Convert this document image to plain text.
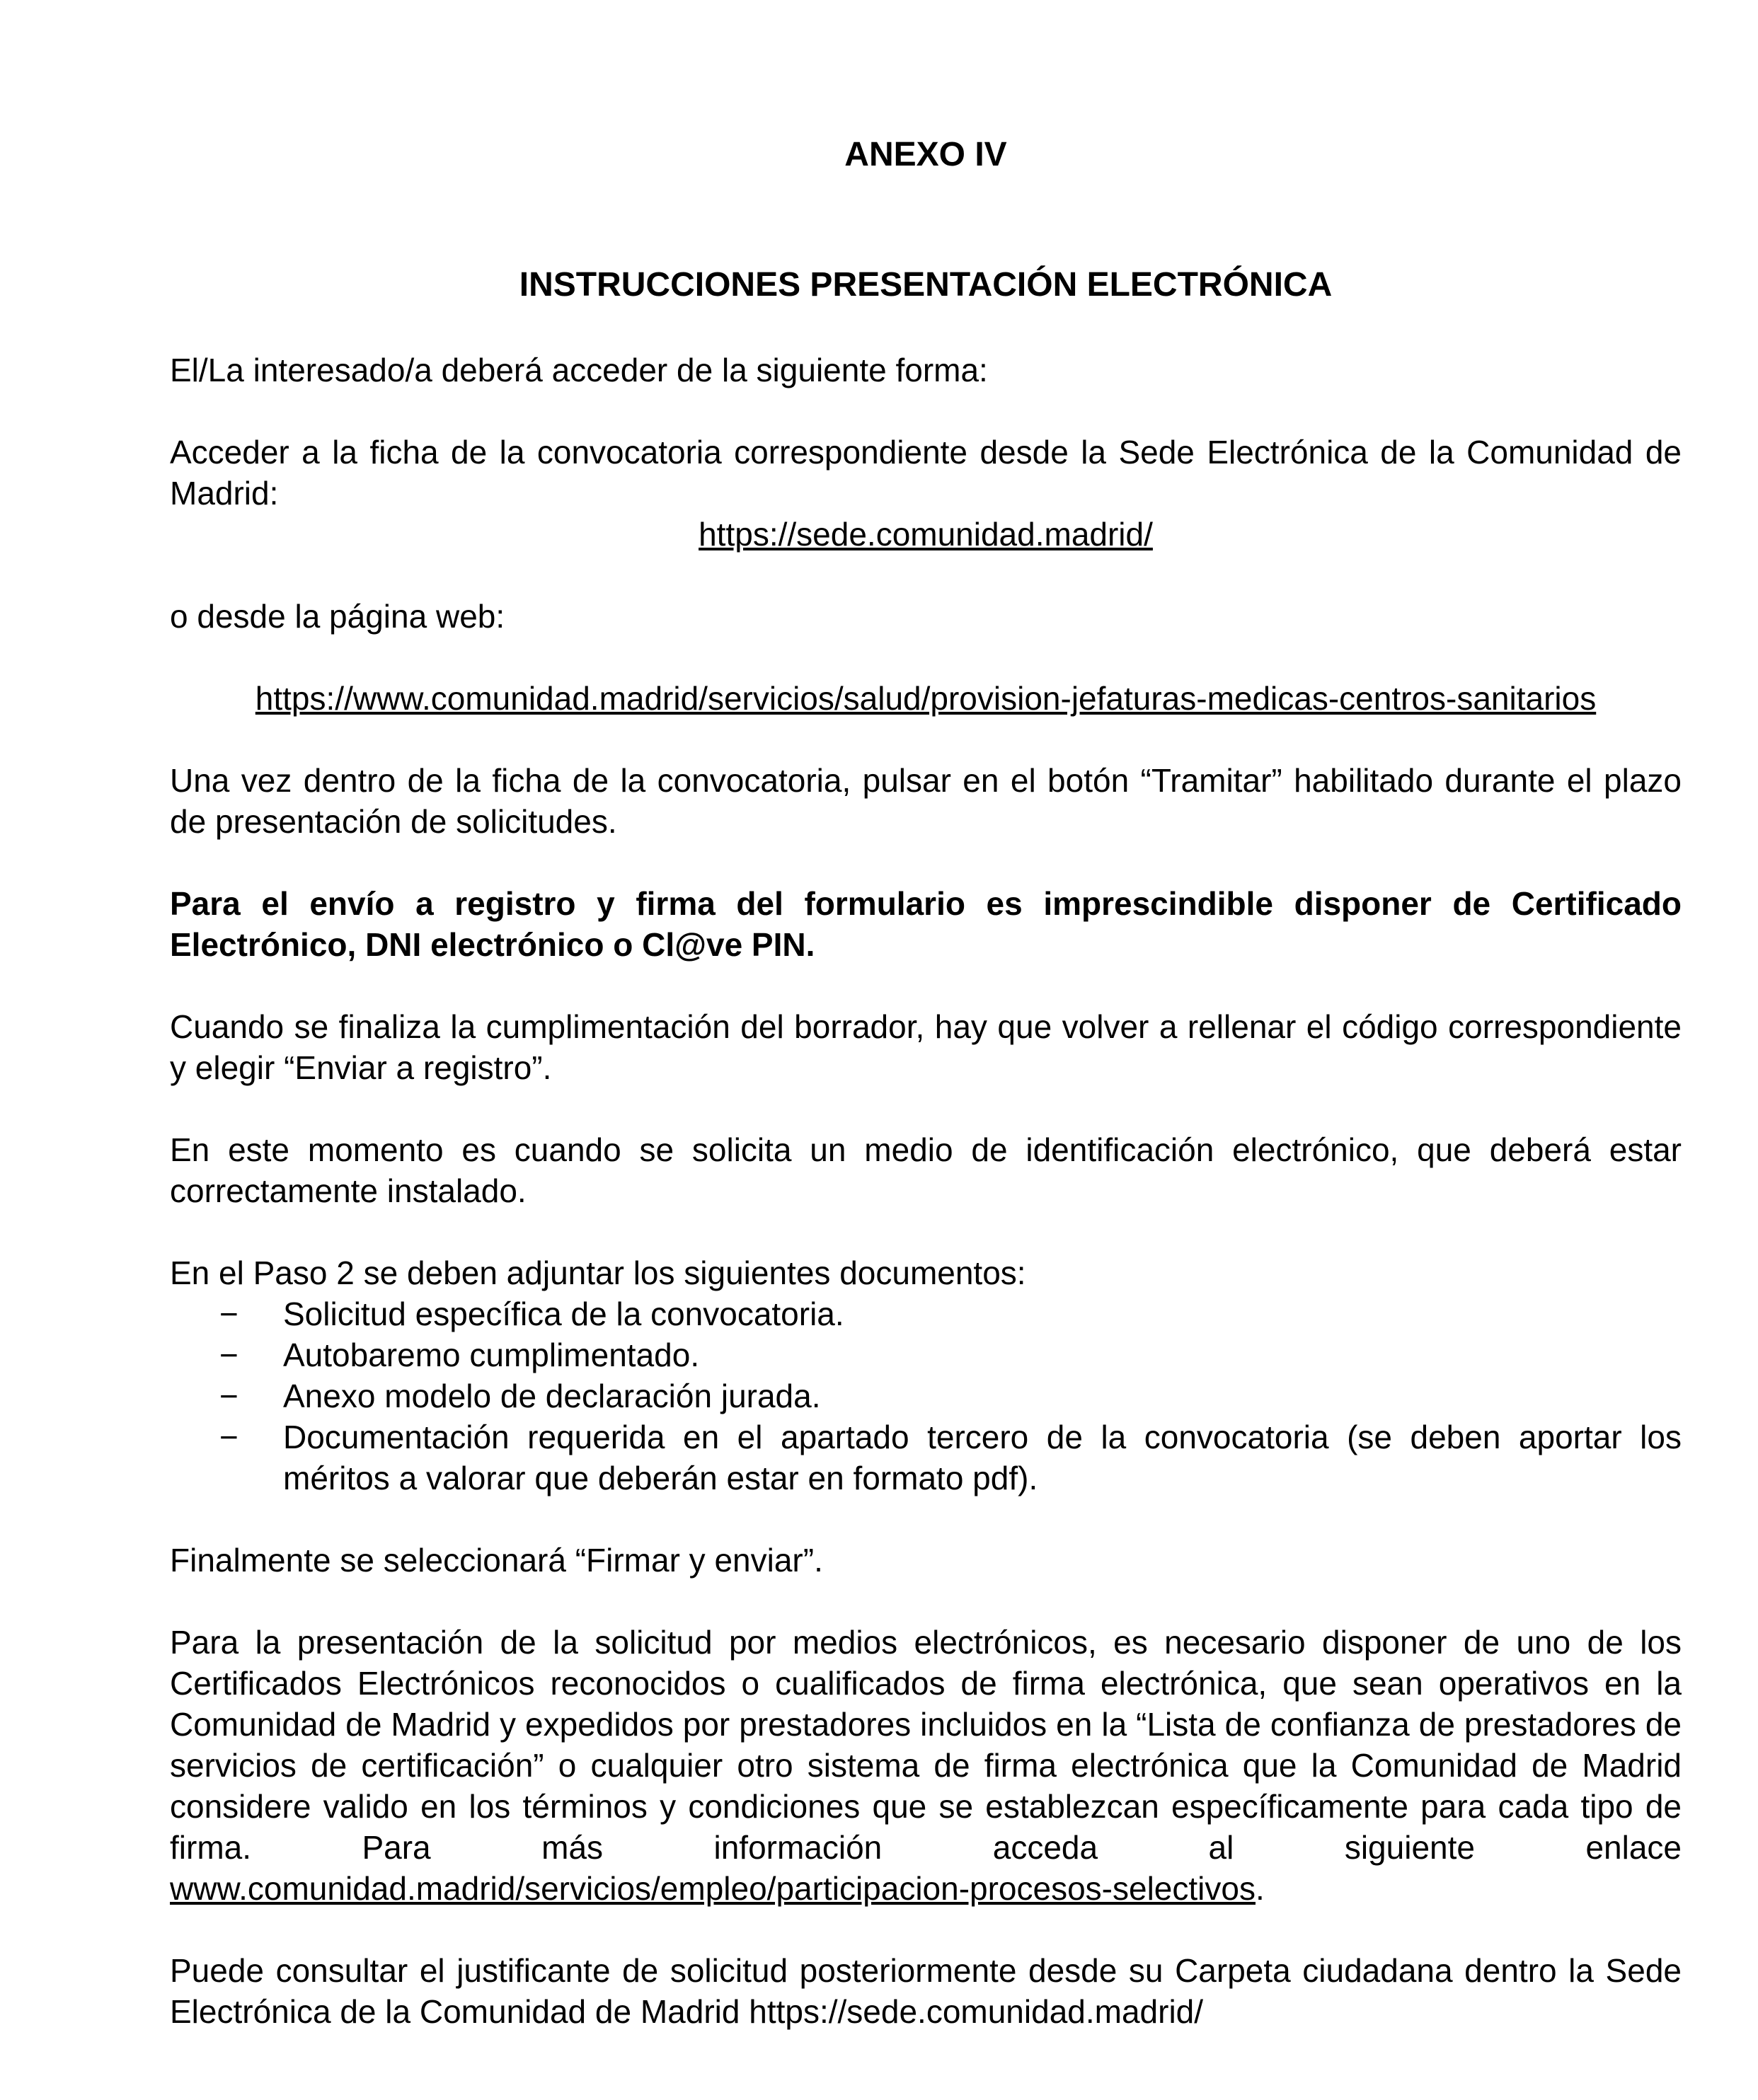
ANEXO IV
INSTRUCCIONES PRESENTACIÓN ELECTRÓNICA

El/La interesado/a deberá acceder de la siguiente forma:

Acceder a la ficha de la convocatoria correspondiente desde la Sede Electrónica de la Comunidad de Madrid:

https://sede.comunidad.madrid/

o desde la página web:

https://www.comunidad.madrid/servicios/salud/provision-jefaturas-medicas-centros-sanitarios

Una vez dentro de la ficha de la convocatoria, pulsar en el botón “Tramitar” habilitado durante el plazo de presentación de solicitudes.

Para el envío a registro y firma del formulario es imprescindible disponer de Certificado Electrónico, DNI electrónico o Cl@ve PIN.

Cuando se finaliza la cumplimentación del borrador, hay que volver a rellenar el código correspondiente y elegir “Enviar a registro”.

En este momento es cuando se solicita un medio de identificación electrónico, que deberá estar correctamente instalado.

En el Paso 2 se deben adjuntar los siguientes documentos:

−	Solicitud específica de la convocatoria.
−	Autobaremo cumplimentado.
−	Anexo modelo de declaración jurada.
−	Documentación requerida en el apartado tercero de la convocatoria (se deben aportar los méritos a valorar que deberán estar en formato pdf).

Finalmente se seleccionará “Firmar y enviar”.

Para la presentación de la solicitud por medios electrónicos, es necesario disponer de uno de los Certificados Electrónicos reconocidos o cualificados de firma electrónica, que sean operativos en la Comunidad de Madrid y expedidos por prestadores incluidos en la “Lista de confianza de prestadores de servicios de certificación” o cualquier otro sistema de firma electrónica que la Comunidad de Madrid considere valido en los términos y condiciones que se establezcan específicamente para cada tipo de firma. Para más información acceda al siguiente enlace www.comunidad.madrid/servicios/empleo/participacion-procesos-selectivos.

Puede consultar el justificante de solicitud posteriormente desde su Carpeta ciudadana dentro la Sede Electrónica de la Comunidad de Madrid https://sede.comunidad.madrid/
